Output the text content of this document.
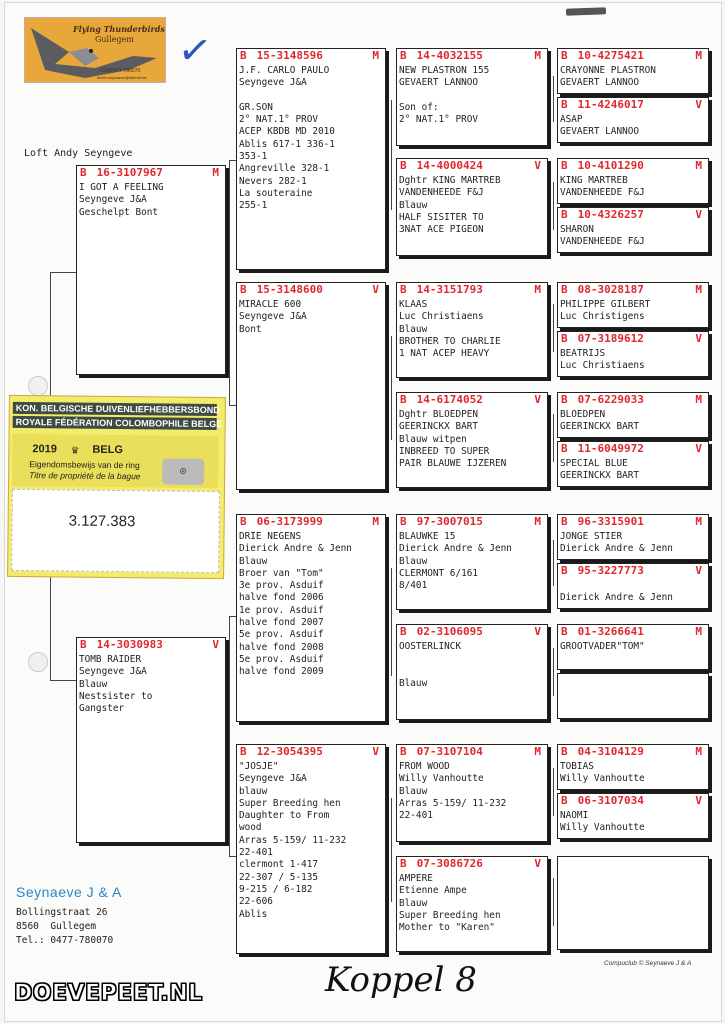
Flying Thunderbirds
Gullegem
+32(0)477-780070
debie.seynaeve@telenet.be
✓
Loft Andy Seyngeve
B 16-3107967	M
I GOT A FEELING
Seyngeve J&A
Geschelpt Bont
B 15-3148596	M
J.F. CARLO PAULO
Seyngeve J&A
GR.SON
2° NAT.1° PROV
ACEP KBDB MD 2010
Ablis 617-1 336-1
353-1
Angreville 328-1
Nevers 282-1
La souteraine
255-1
B 14-4032155	M
NEW PLASTRON 155
GEVAERT LANNOO
Son of:
2° NAT.1° PROV
B 10-4275421	M
CRAYONNE PLASTRON
GEVAERT LANNOO
B 11-4246017	V
ASAP
GEVAERT LANNOO
B 14-4000424	V
Dghtr KING MARTREB
VANDENHEEDE F&J
Blauw
HALF SISITER TO
3NAT ACE PIGEON
B 10-4101290	M
KING MARTREB
VANDENHEEDE F&J
B 10-4326257	V
SHARON
VANDENHEEDE F&J
B 15-3148600	V
MIRACLE 600
Seyngeve J&A
Bont
B 14-3151793	M
KLAAS
Luc Christiaens
Blauw
BROTHER TO CHARLIE
1 NAT ACEP HEAVY
B 08-3028187	M
PHILIPPE GILBERT
Luc Christigens
B 07-3189612	V
BEATRIJS
Luc Christiaens
B 14-6174052	V
Dghtr BLOEDPEN
GEERINCKX BART
Blauw witpen
INBREED TO SUPER
PAIR BLAUWE IJZEREN
B 07-6229033	M
BLOEDPEN
GEERINCKX BART
B 11-6049972	V
SPECIAL BLUE
GEERINCKX BART
B 14-3030983	V
TOMB RAIDER
Seyngeve J&A
Blauw
Nestsister to
Gangster
B 06-3173999	M
DRIE NEGENS
Dierick Andre & Jenn
Blauw
Broer van "Tom"
3e prov. Asduif
halve fond 2006
1e prov. Asduif
halve fond 2007
5e prov. Asduif
halve fond 2008
5e prov. Asduif
halve fond 2009
B 97-3007015	M
BLAUWKE 15
Dierick Andre & Jenn
Blauw
CLERMONT 6/161
8/401
B 96-3315901	M
JONGE STIER
Dierick Andre & Jenn
B 95-3227773	V
Dierick Andre & Jenn
B 02-3106095	V
OOSTERLINCK
Blauw
B 01-3266641	M
GROOTVADER"TOM"
B 12-3054395	V
"JOSJE"
Seyngeve J&A
blauw
Super Breeding hen
Daughter to From
wood
Arras 5-159/ 11-232
22-401
clermont 1-417
22-307 / 5-135
9-215 / 6-182
22-606
Ablis
B 07-3107104	M
FROM WOOD
Willy Vanhoutte
Blauw
Arras 5-159/ 11-232
22-401
B 04-3104129	M
TOBIAS
Willy Vanhoutte
B 06-3107034	V
NAOMI
Willy Vanhoutte
B 07-3086726	V
AMPERE
Etienne Ampe
Blauw
Super Breeding hen
Mother to "Karen"
KON. BELGISCHE DUIVENLIEFHEBBERSBOND
ROYALE FÉDÉRATION COLOMBOPHILE BELGE
2019 ♛ BELG
Eigendomsbewijs van de ring
Titre de propriété de la bague	◎
3.127.383
Seynaeve J & A
Bollingstraat 26
8560  Gullegem
Tel.: 0477-780070
Compuclub © Seynaeve J & A
Koppel 8
DOEVEPEET.NL
